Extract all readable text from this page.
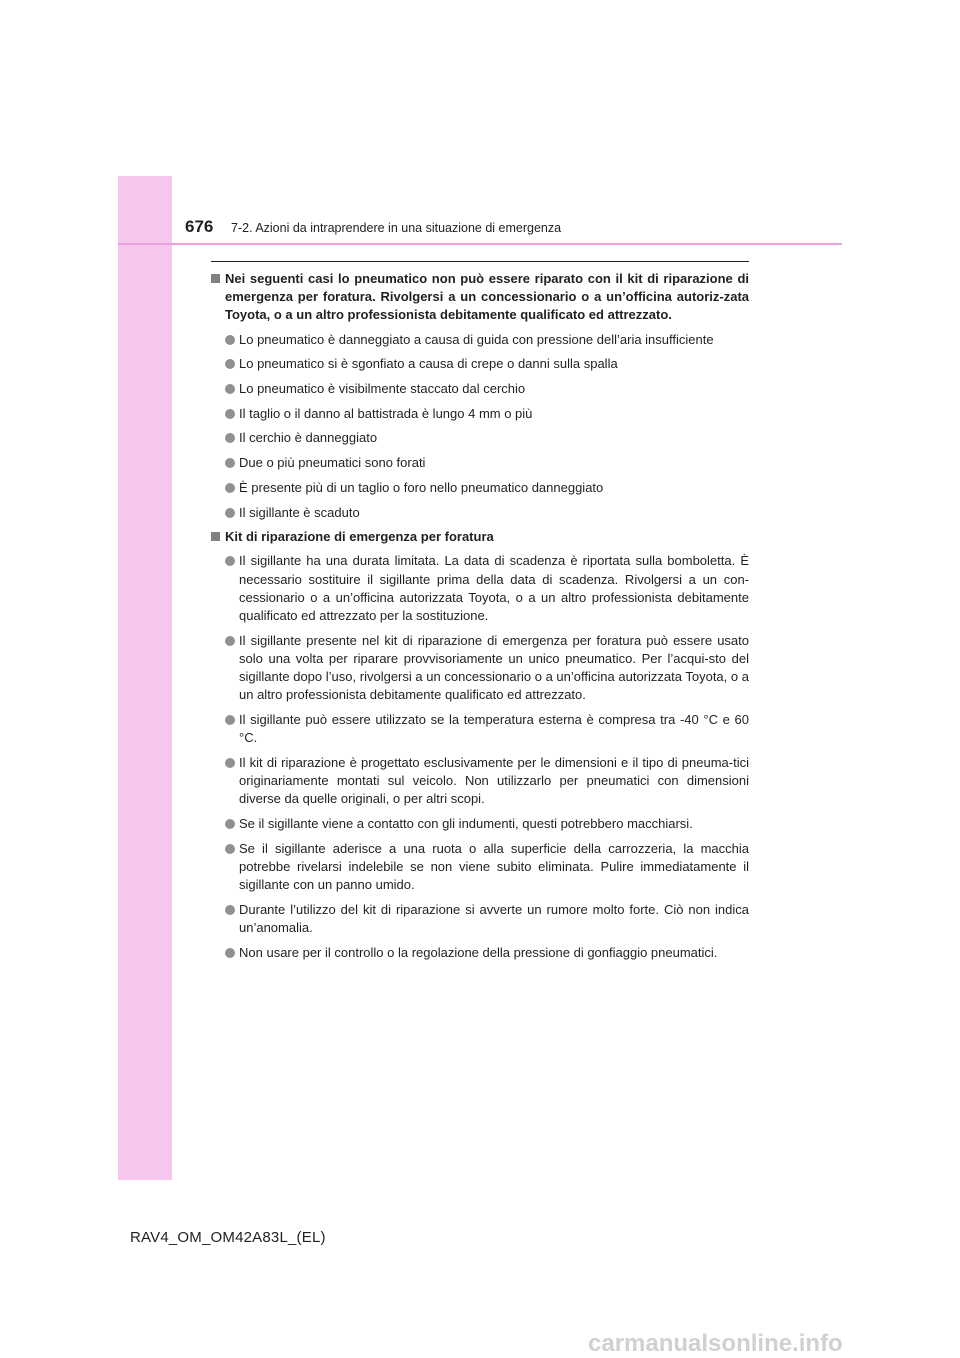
676 7-2. Azioni da intraprendere in una situazione di emergenza
Nei seguenti casi lo pneumatico non può essere riparato con il kit di riparazione di emergenza per foratura. Rivolgersi a un concessionario o a un’officina autoriz-zata Toyota, o a un altro professionista debitamente qualificato ed attrezzato.
Lo pneumatico è danneggiato a causa di guida con pressione dell’aria insufficiente
Lo pneumatico si è sgonfiato a causa di crepe o danni sulla spalla
Lo pneumatico è visibilmente staccato dal cerchio
Il taglio o il danno al battistrada è lungo 4 mm o più
Il cerchio è danneggiato
Due o più pneumatici sono forati
È presente più di un taglio o foro nello pneumatico danneggiato
Il sigillante è scaduto
Kit di riparazione di emergenza per foratura
Il sigillante ha una durata limitata. La data di scadenza è riportata sulla bomboletta. È necessario sostituire il sigillante prima della data di scadenza. Rivolgersi a un con-cessionario o a un’officina autorizzata Toyota, o a un altro professionista debitamente qualificato ed attrezzato per la sostituzione.
Il sigillante presente nel kit di riparazione di emergenza per foratura può essere usato solo una volta per riparare provvisoriamente un unico pneumatico. Per l’acqui-sto del sigillante dopo l’uso, rivolgersi a un concessionario o a un’officina autorizzata Toyota, o a un altro professionista debitamente qualificato ed attrezzato.
Il sigillante può essere utilizzato se la temperatura esterna è compresa tra -40 °C e 60 °C.
Il kit di riparazione è progettato esclusivamente per le dimensioni e il tipo di pneuma-tici originariamente montati sul veicolo. Non utilizzarlo per pneumatici con dimensioni diverse da quelle originali, o per altri scopi.
Se il sigillante viene a contatto con gli indumenti, questi potrebbero macchiarsi.
Se il sigillante aderisce a una ruota o alla superficie della carrozzeria, la macchia potrebbe rivelarsi indelebile se non viene subito eliminata. Pulire immediatamente il sigillante con un panno umido.
Durante l’utilizzo del kit di riparazione si avverte un rumore molto forte. Ciò non indica un’anomalia.
Non usare per il controllo o la regolazione della pressione di gonfiaggio pneumatici.
RAV4_OM_OM42A83L_(EL)
carmanualsonline.info
